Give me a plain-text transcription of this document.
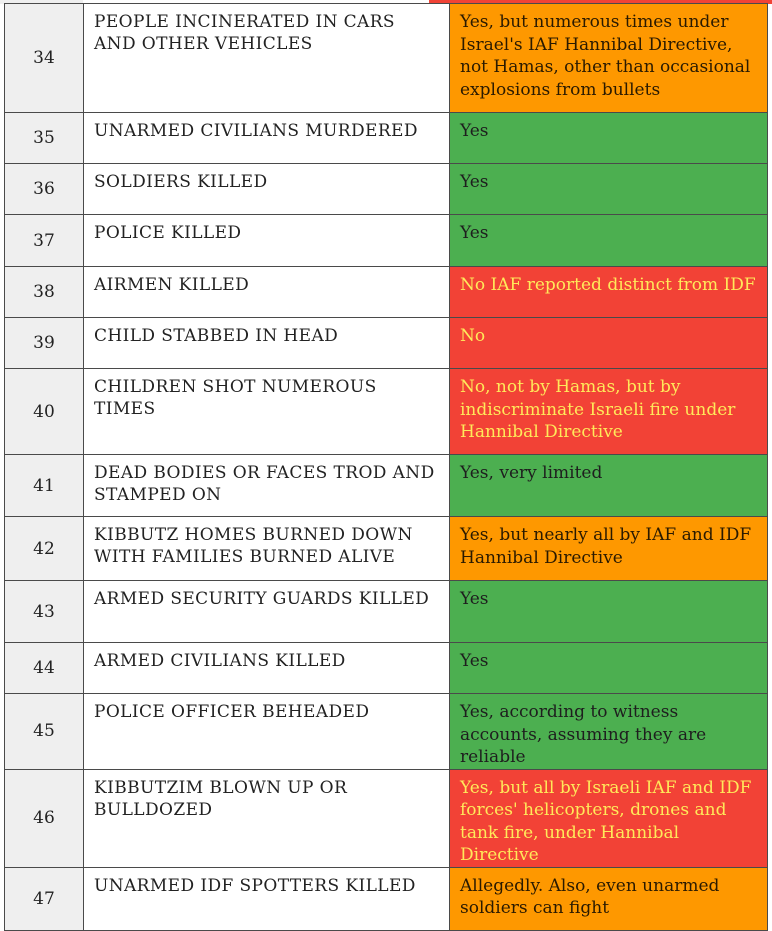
34	PEOPLE INCINERATED IN CARS AND OTHER VEHICLES	Yes, but numerous times under Israel's IAF Hannibal Directive, not Hamas, other than occasional explosions from bullets
35	UNARMED CIVILIANS MURDERED	Yes
36	SOLDIERS KILLED	Yes
37	POLICE KILLED	Yes
38	AIRMEN KILLED	No IAF reported distinct from IDF
39	CHILD STABBED IN HEAD	No
40	CHILDREN SHOT NUMEROUS TIMES	No, not by Hamas, but by indiscriminate Israeli fire under Hannibal Directive
41	DEAD BODIES OR FACES TROD AND STAMPED ON	Yes, very limited
42	KIBBUTZ HOMES BURNED DOWN WITH FAMILIES BURNED ALIVE	Yes, but nearly all by IAF and IDF Hannibal Directive
43	ARMED SECURITY GUARDS KILLED	Yes
44	ARMED CIVILIANS KILLED	Yes
45	POLICE OFFICER BEHEADED	Yes, according to witness accounts, assuming they are reliable
46	KIBBUTZIM BLOWN UP OR BULLDOZED	Yes, but all by Israeli IAF and IDF forces' helicopters, drones and tank fire, under Hannibal Directive
47	UNARMED IDF SPOTTERS KILLED	Allegedly. Also, even unarmed soldiers can fight
